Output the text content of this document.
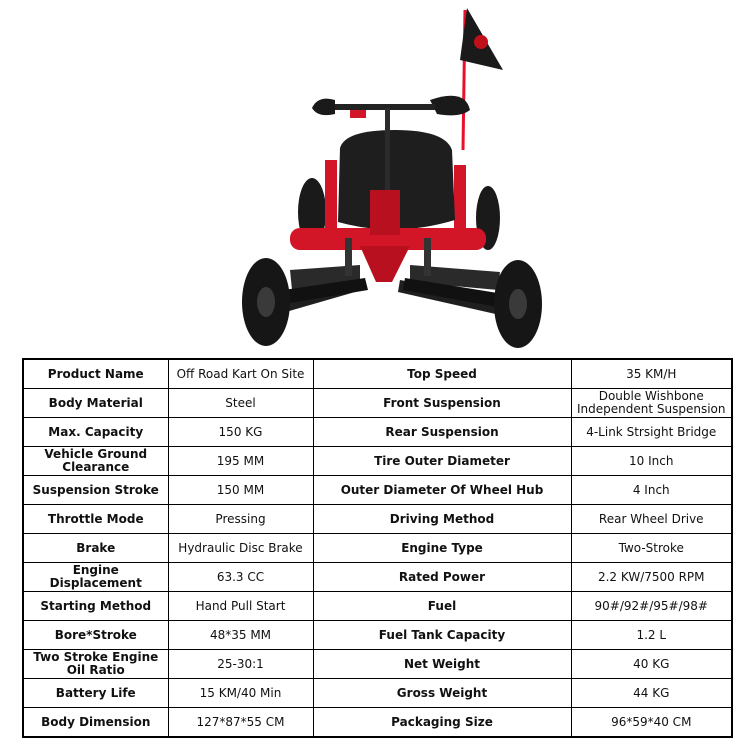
Product Name	Off Road Kart On Site	Top Speed	35 KM/H
Body Material	Steel	Front Suspension	Double Wishbone
Independent Suspension
Max. Capacity	150 KG	Rear Suspension	4-Link Strsight Bridge
Vehicle Ground
Clearance	195 MM	Tire Outer Diameter	10 Inch
Suspension Stroke	150 MM	Outer Diameter Of Wheel Hub	4 Inch
Throttle Mode	Pressing	Driving Method	Rear Wheel Drive
Brake	Hydraulic Disc Brake	Engine Type	Two-Stroke
Engine Displacement	63.3 CC	Rated Power	2.2 KW/7500 RPM
Starting Method	Hand Pull Start	Fuel	90#/92#/95#/98#
Bore*Stroke	48*35 MM	Fuel Tank Capacity	1.2 L
Two Stroke Engine
Oil Ratio	25-30:1	Net Weight	40 KG
Battery Life	15 KM/40 Min	Gross Weight	44 KG
Body Dimension	127*87*55 CM	Packaging Size	96*59*40 CM
